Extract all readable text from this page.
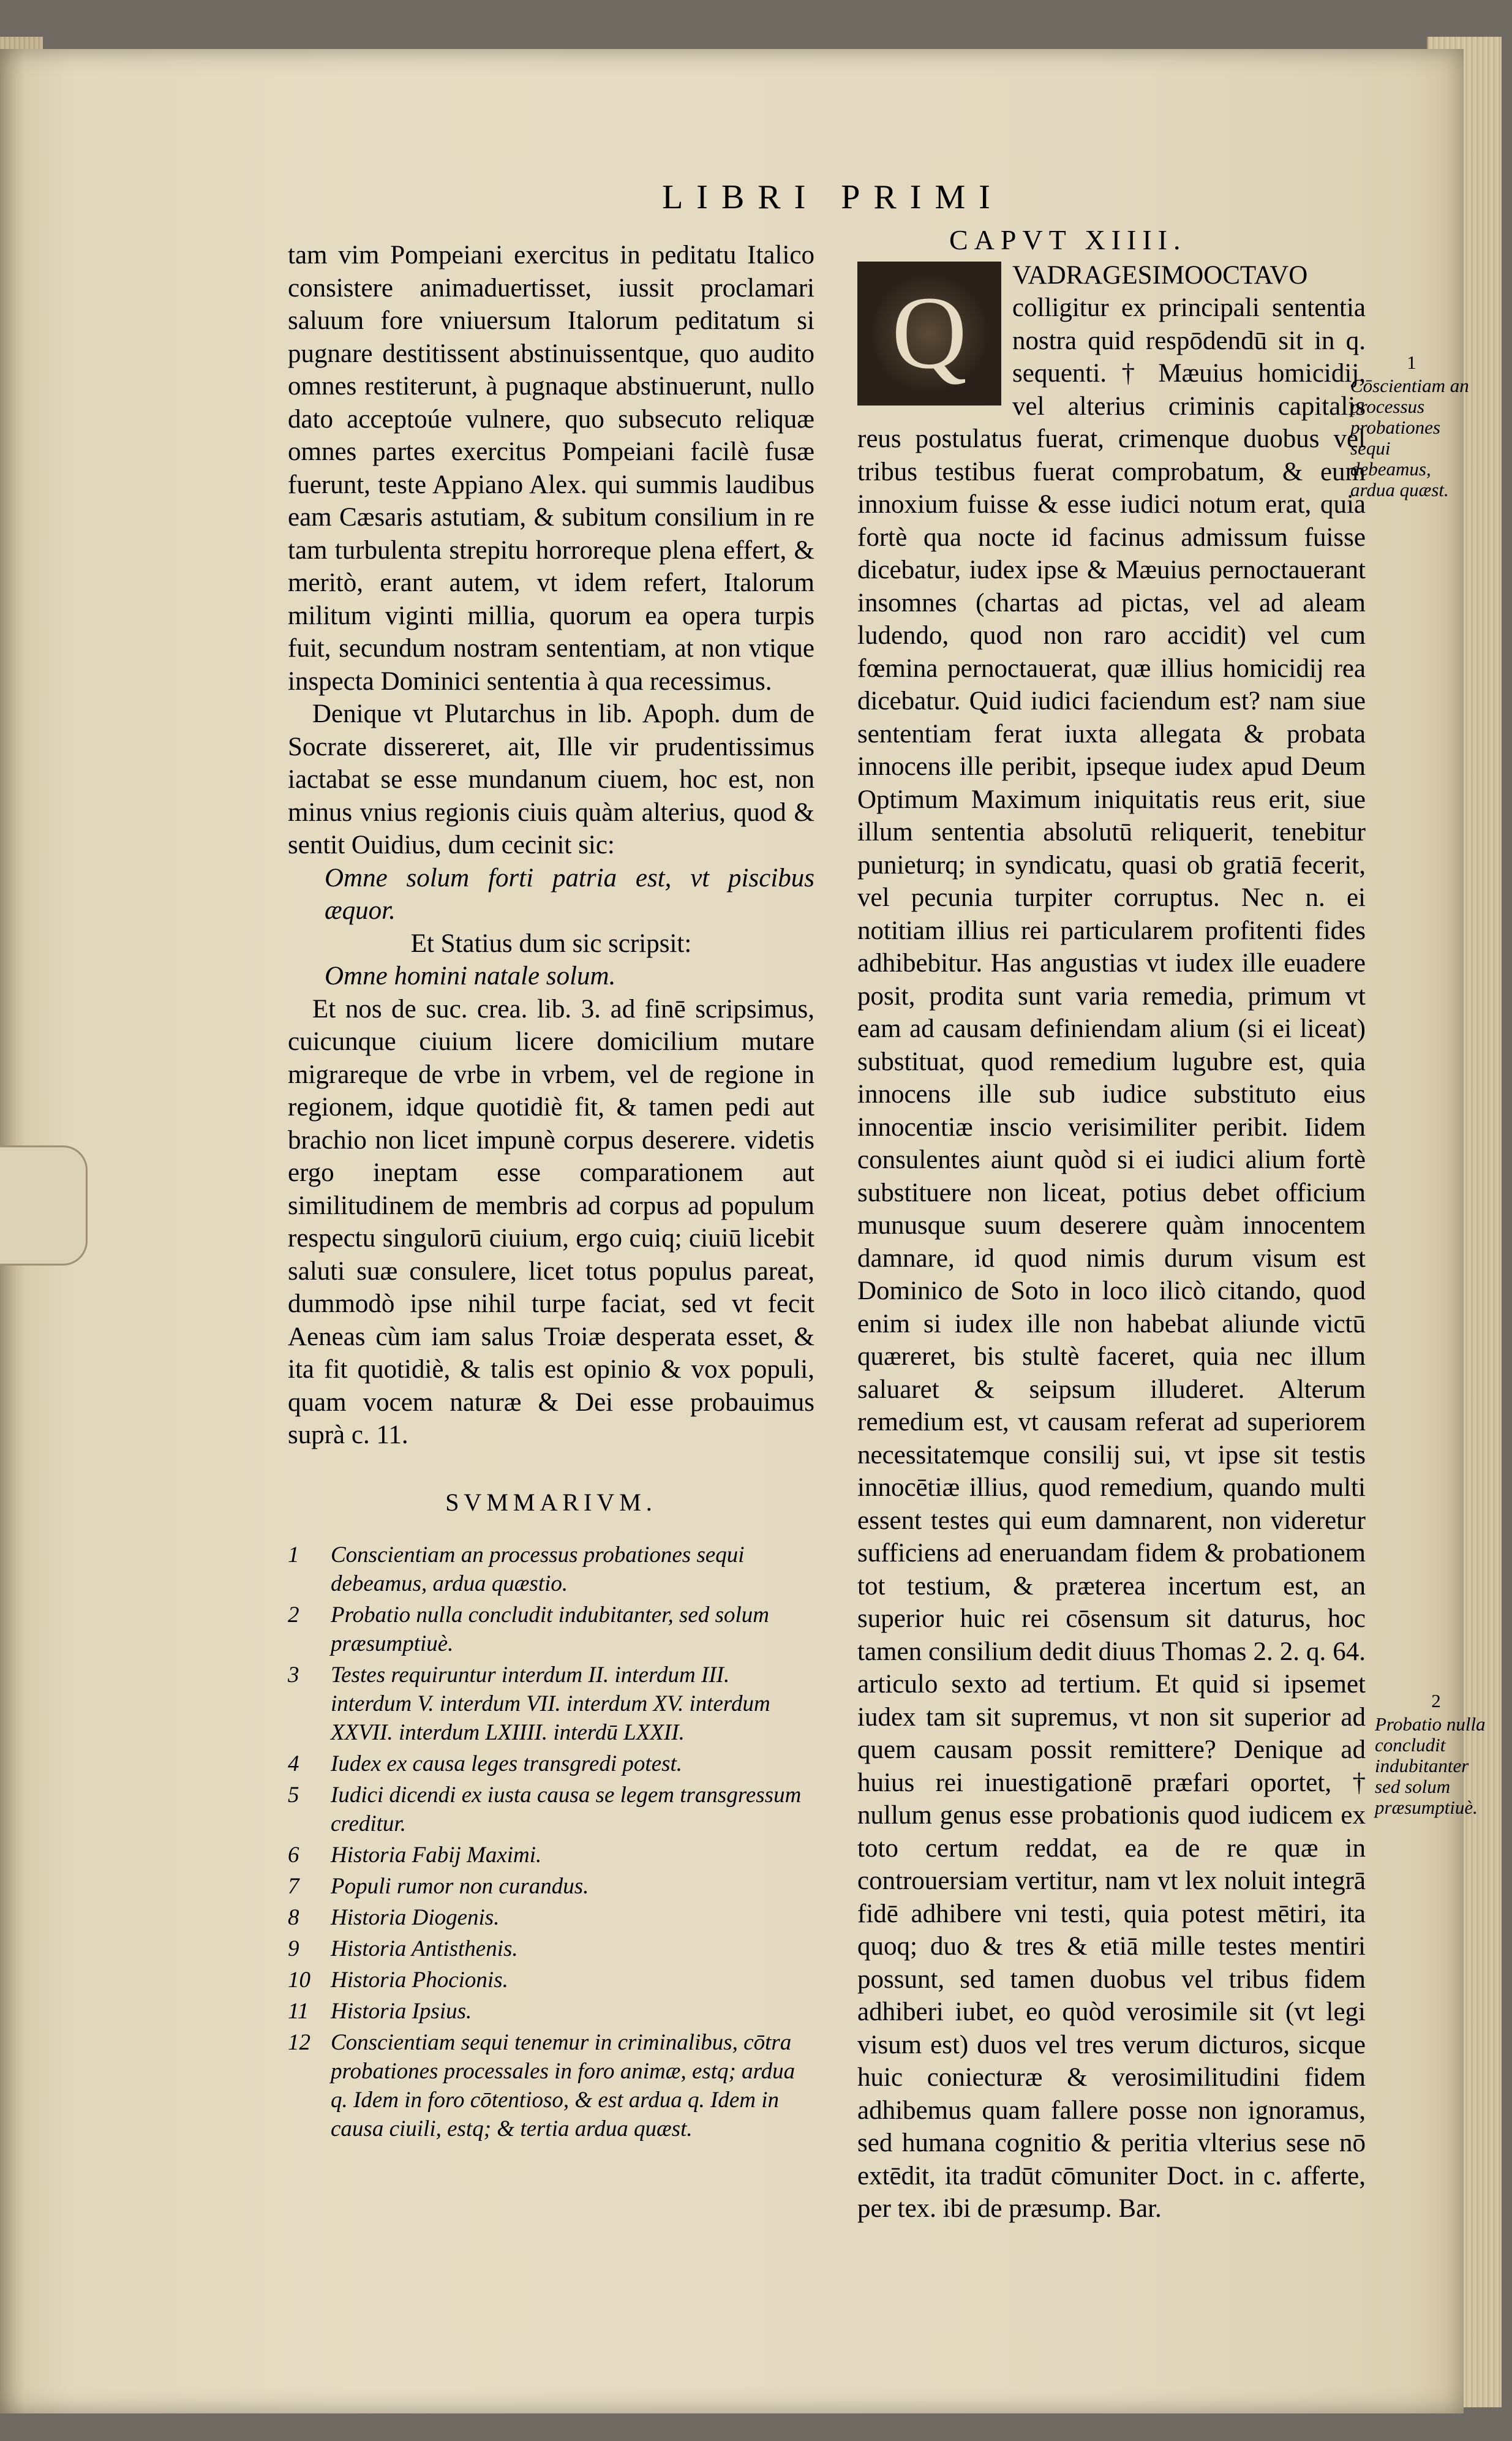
LIBRI PRIMI

tam vim Pompeiani exercitus in peditatu Italico consistere animaduertisset, iussit proclamari saluum fore vniuersum Italorum peditatum si pugnare destitissent abstinuissentque, quo audito omnes restiterunt, à pugnaque abstinuerunt, nullo dato acceptoúe vulnere, quo subsecuto reliquæ omnes partes exercitus Pompeiani facilè fusæ fuerunt, teste Appiano Alex. qui summis laudibus eam Cæsaris astutiam, & subitum consilium in re tam turbulenta strepitu horroreque plena effert, & meritò, erant autem, vt idem refert, Italorum militum viginti millia, quorum ea opera turpis fuit, secundum nostram sententiam, at non vtique inspecta Dominici sententia à qua recessimus.

Denique vt Plutarchus in lib. Apoph. dum de Socrate dissereret, ait, Ille vir prudentissimus iactabat se esse mundanum ciuem, hoc est, non minus vnius regionis ciuis quàm alterius, quod & sentit Ouidius, dum cecinit sic:

Omne solum forti patria est, vt piscibus æquor.

Et Statius dum sic scripsit:

Omne homini natale solum.

Et nos de suc. crea. lib. 3. ad finē scripsimus, cuicunque ciuium licere domicilium mutare migrareque de vrbe in vrbem, vel de regione in regionem, idque quotidiè fit, & tamen pedi aut brachio non licet impunè corpus deserere. videtis ergo ineptam esse comparationem aut similitudinem de membris ad corpus ad populum respectu singulorū ciuium, ergo cuiq; ciuiū licebit saluti suæ consulere, licet totus populus pareat, dummodò ipse nihil turpe faciat, sed vt fecit Aeneas cùm iam salus Troiæ desperata esset, & ita fit quotidiè, & talis est opinio & vox populi, quam vocem naturæ & Dei esse probauimus suprà c. 11.

SVMMARIVM.

1	Conscientiam an processus probationes sequi debeamus, ardua quæstio.
2	Probatio nulla concludit indubitanter, sed solum præsumptiuè.
3	Testes requiruntur interdum II. interdum III. interdum V. interdum VII. interdum XV. interdum XXVII. interdum LXIIII. interdū LXXII.
4	Iudex ex causa leges transgredi potest.
5	Iudici dicendi ex iusta causa se legem transgressum creditur.
6	Historia Fabij Maximi.
7	Populi rumor non curandus.
8	Historia Diogenis.
9	Historia Antisthenis.
10 Historia Phocionis.
11 Historia Ipsius.
12 Conscientiam sequi tenemur in criminalibus, cōtra probationes processales in foro animæ, estq; ardua q. Idem in foro cōtentioso, & est ardua q. Idem in causa ciuili, estq; & tertia ardua quæst.
CAPVT XIIII.

Q
VADRAGESIMOOCTAVO colligitur ex principali sententia nostra quid respōdendū sit in q. sequenti. † Mæuius homicidij, vel alterius criminis capitalis reus postulatus fuerat, crimenque duobus vel tribus testibus fuerat comprobatum, & eum innoxium fuisse & esse iudici notum erat, quia fortè qua nocte id facinus admissum fuisse dicebatur, iudex ipse & Mæuius pernoctauerant insomnes (chartas ad pictas, vel ad aleam ludendo, quod non raro accidit) vel cum fœmina pernoctauerat, quæ illius homicidij rea dicebatur. Quid iudici faciendum est? nam siue sententiam ferat iuxta allegata & probata innocens ille peribit, ipseque iudex apud Deum Optimum Maximum iniquitatis reus erit, siue illum sententia absolutū reliquerit, tenebitur punieturq; in syndicatu, quasi ob gratiā fecerit, vel pecunia turpiter corruptus. Nec n. ei notitiam illius rei particularem profitenti fides adhibebitur. Has angustias vt iudex ille euadere posit, prodita sunt varia remedia, primum vt eam ad causam definiendam alium (si ei liceat) substituat, quod remedium lugubre est, quia innocens ille sub iudice substituto eius innocentiæ inscio verisimiliter peribit. Iidem consulentes aiunt quòd si ei iudici alium fortè substituere non liceat, potius debet officium munusque suum deserere quàm innocentem damnare, id quod nimis durum visum est Dominico de Soto in loco ilicò citando, quod enim si iudex ille non habebat aliunde victū quæreret, bis stultè faceret, quia nec illum saluaret & seipsum illuderet. Alterum remedium est, vt causam referat ad superiorem necessitatemque consilij sui, vt ipse sit testis innocētiæ illius, quod remedium, quando multi essent testes qui eum damnarent, non videretur sufficiens ad eneruandam fidem & probationem tot testium, & præterea incertum est, an superior huic rei cōsensum sit daturus, hoc tamen consilium dedit diuus Thomas 2. 2. q. 64. articulo sexto ad tertium. Et quid si ipsemet iudex tam sit supremus, vt non sit superior ad quem causam possit remittere? Denique ad huius rei inuestigationē præfari oportet, † nullum genus esse probationis quod iudicem ex toto certum reddat, ea de re quæ in controuersiam vertitur, nam vt lex noluit integrā fidē adhibere vni testi, quia potest mētiri, ita quoq; duo & tres & etiā mille testes mentiri possunt, sed tamen duobus vel tribus fidem adhiberi iubet, eo quòd verosimile sit (vt legi visum est) duos vel tres verum dicturos, sicque huic coniecturæ & verosimilitudini fidem adhibemus quam fallere posse non ignoramus, sed humana cognitio & peritia vlterius sese nō extēdit, ita tradūt cōmuniter Doct. in c. afferte, per tex. ibi de præsump. Bar.

1
Cōscientiam an processus probationes sequi debeamus, ardua quæst.
2
Probatio nulla concludit indubitanter sed solum præsumptiuè.
